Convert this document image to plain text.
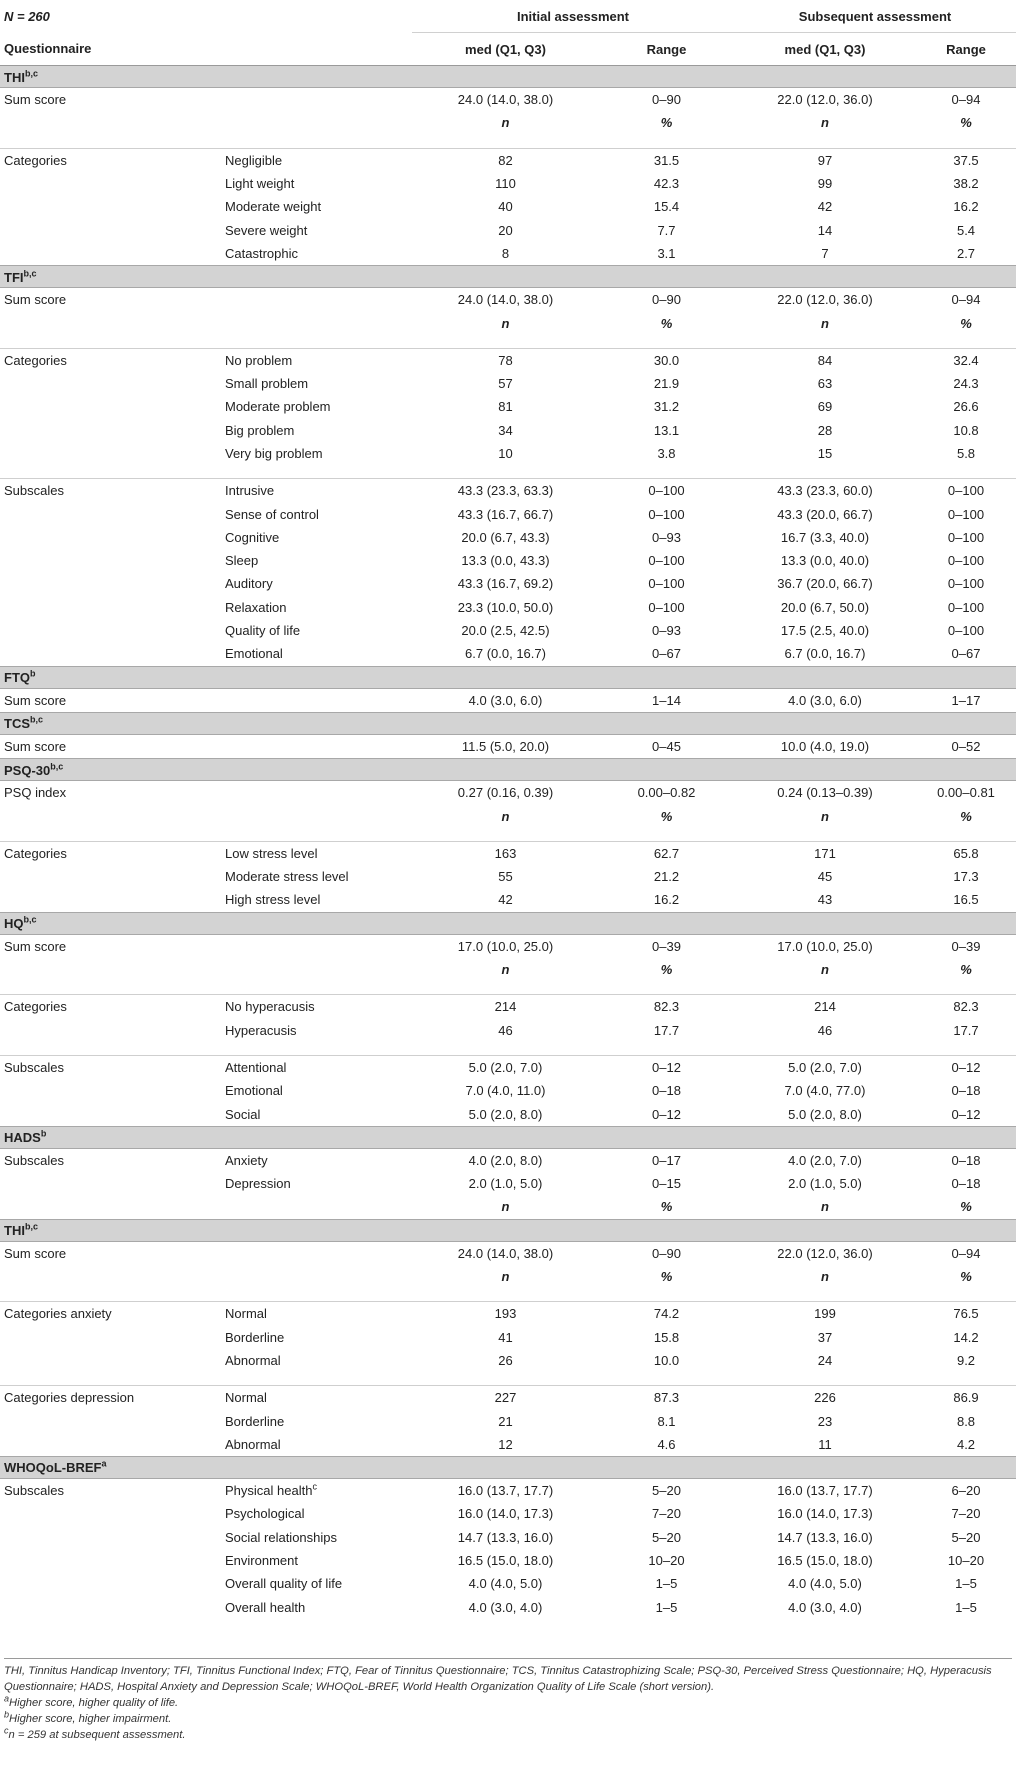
N = 260		Initial assessment		Subsequent assessment	
Questionnaire		med (Q1, Q3)	Range	med (Q1, Q3)	Range
THI$^{b,c}$
Sum score		24.0 (14.0, 38.0)	0–90	22.0 (12.0, 36.0)	0–94
		n	%	n	%

Categories	Negligible	82	31.5	97	37.5
	Light weight	110	42.3	99	38.2
	Moderate weight	40	15.4	42	16.2
	Severe weight	20	7.7	14	5.4
	Catastrophic	8	3.1	7	2.7
TFI$^{b,c}$
Sum score		24.0 (14.0, 38.0)	0–90	22.0 (12.0, 36.0)	0–94
		n	%	n	%

Categories	No problem	78	30.0	84	32.4
	Small problem	57	21.9	63	24.3
	Moderate problem	81	31.2	69	26.6
	Big problem	34	13.1	28	10.8
	Very big problem	10	3.8	15	5.8

Subscales	Intrusive	43.3 (23.3, 63.3)	0–100	43.3 (23.3, 60.0)	0–100
	Sense of control	43.3 (16.7, 66.7)	0–100	43.3 (20.0, 66.7)	0–100
	Cognitive	20.0 (6.7, 43.3)	0–93	16.7 (3.3, 40.0)	0–100
	Sleep	13.3 (0.0, 43.3)	0–100	13.3 (0.0, 40.0)	0–100
	Auditory	43.3 (16.7, 69.2)	0–100	36.7 (20.0, 66.7)	0–100
	Relaxation	23.3 (10.0, 50.0)	0–100	20.0 (6.7, 50.0)	0–100
	Quality of life	20.0 (2.5, 42.5)	0–93	17.5 (2.5, 40.0)	0–100
	Emotional	6.7 (0.0, 16.7)	0–67	6.7 (0.0, 16.7)	0–67
FTQ$^b$
Sum score		4.0 (3.0, 6.0)	1–14	4.0 (3.0, 6.0)	1–17
TCS$^{b,c}$
Sum score		11.5 (5.0, 20.0)	0–45	10.0 (4.0, 19.0)	0–52
PSQ-30$^{b,c}$
PSQ index		0.27 (0.16, 0.39)	0.00–0.82	0.24 (0.13–0.39)	0.00–0.81
		n	%	n	%

Categories	Low stress level	163	62.7	171	65.8
	Moderate stress level	55	21.2	45	17.3
	High stress level	42	16.2	43	16.5
HQ$^{b,c}$
Sum score		17.0 (10.0, 25.0)	0–39	17.0 (10.0, 25.0)	0–39
		n	%	n	%

Categories	No hyperacusis	214	82.3	214	82.3
	Hyperacusis	46	17.7	46	17.7

Subscales	Attentional	5.0 (2.0, 7.0)	0–12	5.0 (2.0, 7.0)	0–12
	Emotional	7.0 (4.0, 11.0)	0–18	7.0 (4.0, 77.0)	0–18
	Social	5.0 (2.0, 8.0)	0–12	5.0 (2.0, 8.0)	0–12
HADS$^b$
Subscales	Anxiety	4.0 (2.0, 8.0)	0–17	4.0 (2.0, 7.0)	0–18
	Depression	2.0 (1.0, 5.0)	0–15	2.0 (1.0, 5.0)	0–18
		n	%	n	%
THI$^{b,c}$
Sum score		24.0 (14.0, 38.0)	0–90	22.0 (12.0, 36.0)	0–94
		n	%	n	%

Categories anxiety	Normal	193	74.2	199	76.5
	Borderline	41	15.8	37	14.2
	Abnormal	26	10.0	24	9.2

Categories depression	Normal	227	87.3	226	86.9
	Borderline	21	8.1	23	8.8
	Abnormal	12	4.6	11	4.2
WHOQoL-BREF$^a$
Subscales	Physical health$^c$	16.0 (13.7, 17.7)	5–20	16.0 (13.7, 17.7)	6–20
	Psychological	16.0 (14.0, 17.3)	7–20	16.0 (14.0, 17.3)	7–20
	Social relationships	14.7 (13.3, 16.0)	5–20	14.7 (13.3, 16.0)	5–20
	Environment	16.5 (15.0, 18.0)	10–20	16.5 (15.0, 18.0)	10–20
	Overall quality of life	4.0 (4.0, 5.0)	1–5	4.0 (4.0, 5.0)	1–5
	Overall health	4.0 (3.0, 4.0)	1–5	4.0 (3.0, 4.0)	1–5

THI, Tinnitus Handicap Inventory; TFI, Tinnitus Functional Index; FTQ, Fear of Tinnitus Questionnaire; TCS, Tinnitus Catastrophizing Scale; PSQ-30, Perceived Stress Questionnaire; HQ, Hyperacusis Questionnaire; HADS, Hospital Anxiety and Depression Scale; WHOQoL-BREF, World Health Organization Quality of Life Scale (short version).

$^a$Higher score, higher quality of life.

$^b$Higher score, higher impairment.

$^c$n = 259 at subsequent assessment.
